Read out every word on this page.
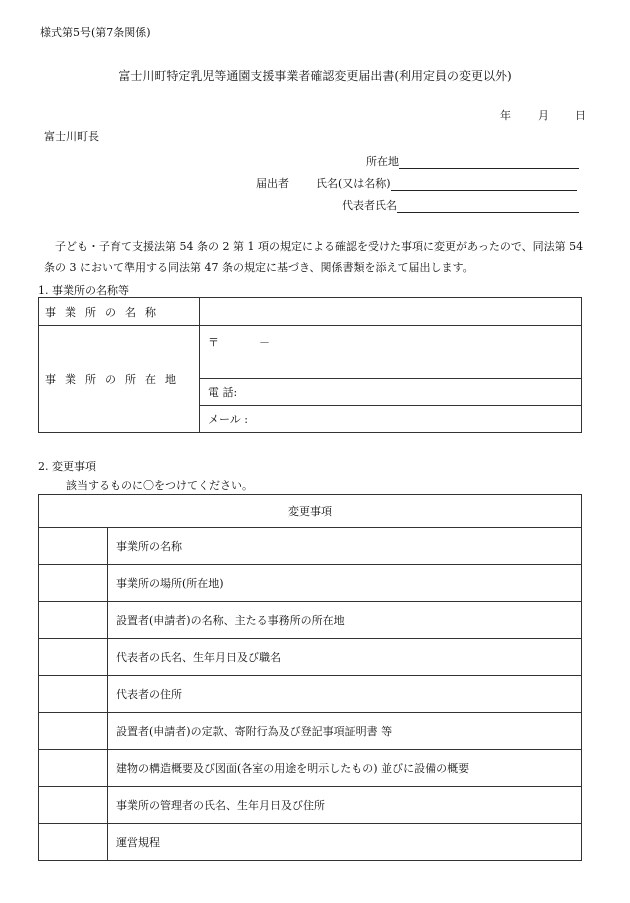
様式第5号(第7条関係)
富士川町特定乳児等通園支援事業者確認変更届出書(利用定員の変更以外)
年 月 日
富士川町長
所在地
届出者 氏名(又は名称)
代表者氏名
子ども・子育て支援法第 54 条の 2 第 1 項の規定による確認を受けた事項に変更があったので、同法第 54 条の 3 において準用する同法第 47 条の規定に基づき、関係書類を添えて届出します。
1. 事業所の名称等
事業所の名称	
事業所の所在地	〒 －
	電 話:
	メール :
2. 変更事項
該当するものに〇をつけてください。
変更事項	
	事業所の名称
	事業所の場所(所在地)
	設置者(申請者)の名称、主たる事務所の所在地
	代表者の氏名、生年月日及び職名
	代表者の住所
	設置者(申請者)の定款、寄附行為及び登記事項証明書 等
	建物の構造概要及び図面(各室の用途を明示したもの) 並びに設備の概要
	事業所の管理者の氏名、生年月日及び住所
	運営規程
